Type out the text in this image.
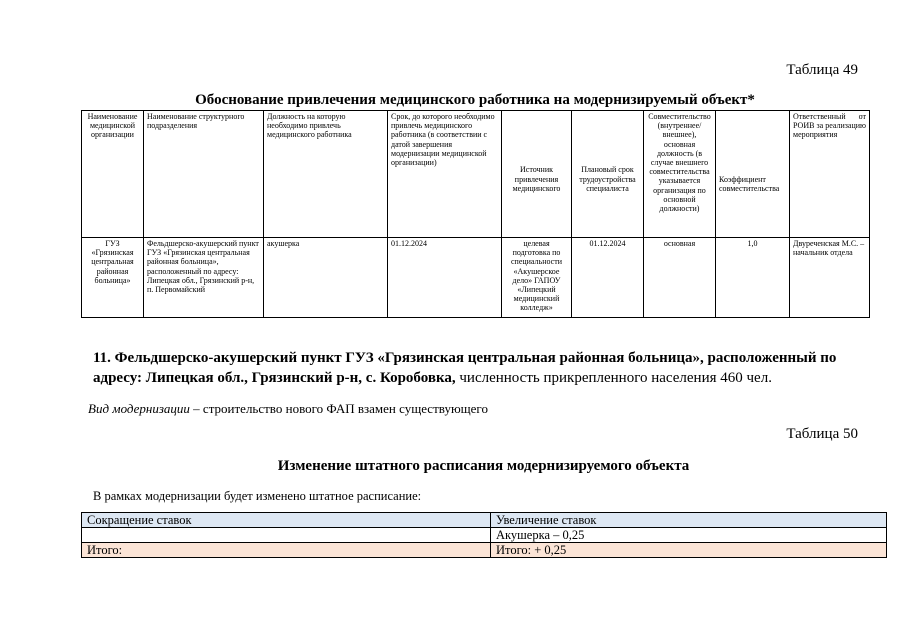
Таблица 49
Обоснование привлечения медицинского работника на модернизируемый объект*
Наименование медицинской организации	Наименование структурного подразделения	Должность на которую необходимо привлечь медицинского работника	Срок, до которого необходимо привлечь медицинского работника (в соответствии с датой завершения модернизации медицинской организации)	Источник привлечения медицинского	Плановый срок трудоустройства специалиста	Совместительство (внутреннее/внешнее), основная должность (в случае внешнего совместительства указывается организация по основной должности)	Коэффициент совместительства	Ответственный от РОИВ за реализацию мероприятия
ГУЗ «Грязинская центральная районная больница»	Фельдшерско-акушерский пункт ГУЗ «Грязинская центральная районная больница», расположенный по адресу: Липецкая обл., Грязинский р-н, п. Первомайский	акушерка	01.12.2024	целевая подготовка по специальности «Акушерское дело» ГАПОУ «Липецкий медицинский колледж»	01.12.2024	основная	1,0	Двуреченская М.С. – начальник отдела
11. Фельдшерско-акушерский пункт ГУЗ «Грязинская центральная районная больница», расположенный по адресу: Липецкая обл., Грязинский р-н, с. Коробовка, численность прикрепленного населения 460 чел.
Вид модернизации – строительство нового ФАП взамен существующего
Таблица 50
Изменение штатного расписания модернизируемого объекта
В рамках модернизации будет изменено штатное расписание:
Сокращение ставок	Увеличение ставок
	Акушерка – 0,25
Итого:	Итого: + 0,25
